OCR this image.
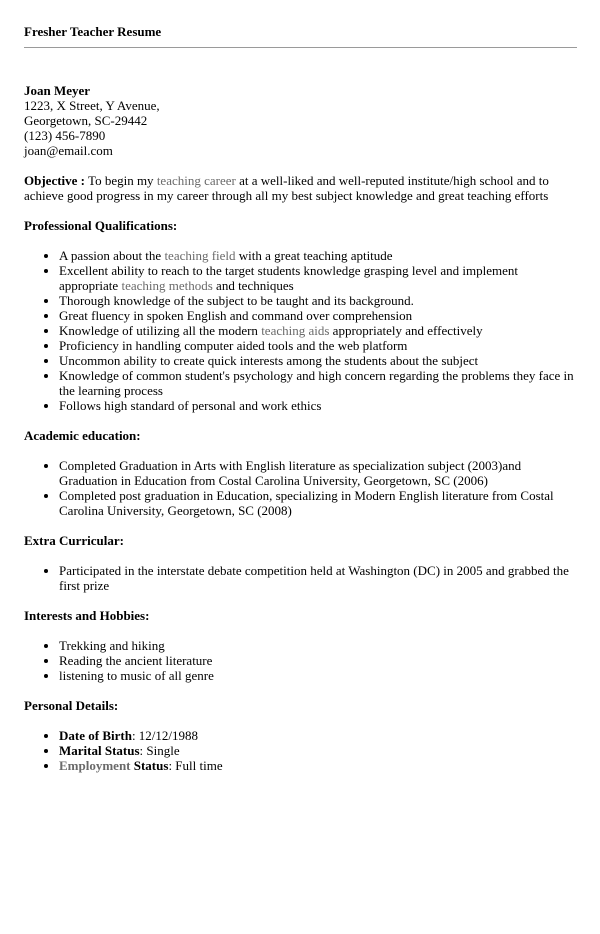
Fresher Teacher Resume
Joan Meyer
1223, X Street, Y Avenue,
Georgetown, SC-29442
(123) 456-7890
joan@email.com
Objective : To begin my teaching career at a well-liked and well-reputed institute/high school and to achieve good progress in my career through all my best subject knowledge and great teaching efforts
Professional Qualifications:
• A passion about the teaching field with a great teaching aptitude
• Excellent ability to reach to the target students knowledge grasping level and implement appropriate teaching methods and techniques
• Thorough knowledge of the subject to be taught and its background.
• Great fluency in spoken English and command over comprehension
• Knowledge of utilizing all the modern teaching aids appropriately and effectively
• Proficiency in handling computer aided tools and the web platform
• Uncommon ability to create quick interests among the students about the subject
• Knowledge of common student's psychology and high concern regarding the problems they face in the learning process
• Follows high standard of personal and work ethics
Academic education:
• Completed Graduation in Arts with English literature as specialization subject (2003)and Graduation in Education from Costal Carolina University, Georgetown, SC (2006)
• Completed post graduation in Education, specializing in Modern English literature from Costal Carolina University, Georgetown, SC (2008)
Extra Curricular:
• Participated in the interstate debate competition held at Washington (DC) in 2005 and grabbed the first prize
Interests and Hobbies:
• Trekking and hiking
• Reading the ancient literature
• listening to music of all genre
Personal Details:
• Date of Birth: 12/12/1988
• Marital Status: Single
• Employment Status: Full time
